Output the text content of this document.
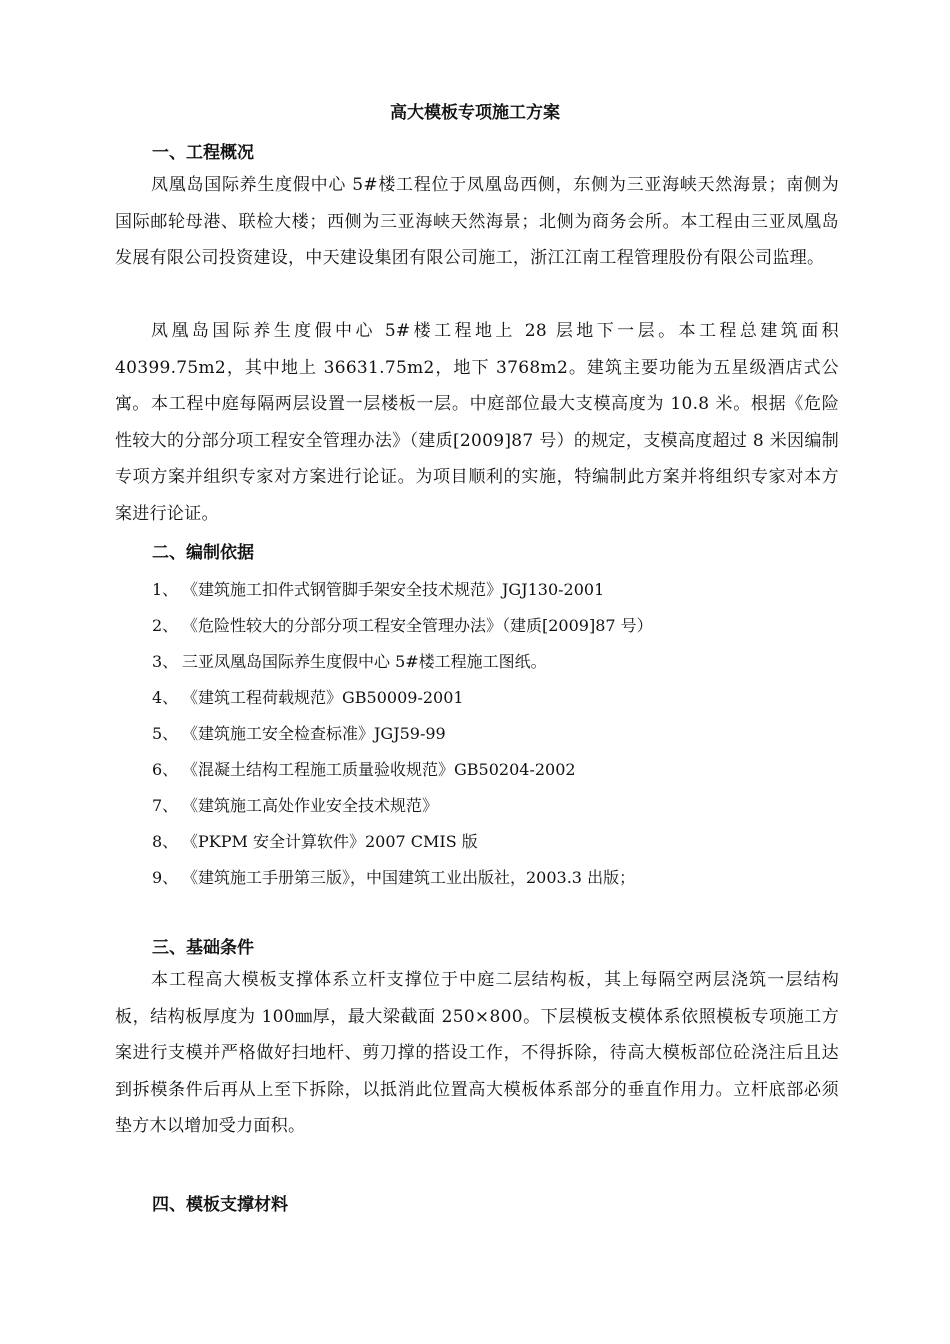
高大模板专项施工方案
一、工程概况
凤凰岛国际养生度假中心 5#楼工程位于凤凰岛西侧，东侧为三亚海峡天然海景；南侧为国际邮轮母港、联检大楼；西侧为三亚海峡天然海景；北侧为商务会所。本工程由三亚凤凰岛发展有限公司投资建设，中天建设集团有限公司施工，浙江江南工程管理股份有限公司监理。
凤凰岛国际养生度假中心 5#楼工程地上 28 层地下一层。本工程总建筑面积 40399.75m2，其中地上 36631.75m2，地下 3768m2。建筑主要功能为五星级酒店式公寓。 本工程中庭每隔两层设置一层楼板一层。中庭部位最大支模高度为 10.8 米。根据《危险性较大的分部分项工程安全管理办法》（建质[2009]87 号）的规定，支模高度超过 8 米因编制专项方案并组织专家对方案进行论证。为项目顺利的实施，特编制此方案并将组织专家对本方案进行论证。
二、编制依据
1、 《建筑施工扣件式钢管脚手架安全技术规范》JGJ130-2001
2、 《危险性较大的分部分项工程安全管理办法》（建质[2009]87 号）
3、 三亚凤凰岛国际养生度假中心 5#楼工程施工图纸。
4、 《建筑工程荷载规范》GB50009-2001
5、 《建筑施工安全检查标准》JGJ59-99
6、 《混凝土结构工程施工质量验收规范》GB50204-2002
7、 《建筑施工高处作业安全技术规范》
8、 《PKPM 安全计算软件》2007 CMIS 版
9、 《建筑施工手册第三版》，中国建筑工业出版社，2003.3 出版；
三、基础条件
本工程高大模板支撑体系立杆支撑位于中庭二层结构板，其上每隔空两层浇筑一层结构板，结构板厚度为 100㎜厚，最大梁截面 250×800。下层模板支模体系依照模板专项施工方案进行支模并严格做好扫地杆、剪刀撑的搭设工作，不得拆除，待高大模板部位砼浇注后且达到拆模条件后再从上至下拆除，以抵消此位置高大模板体系部分的垂直作用力。立杆底部必须垫方木以增加受力面积。
四、模板支撑材料
